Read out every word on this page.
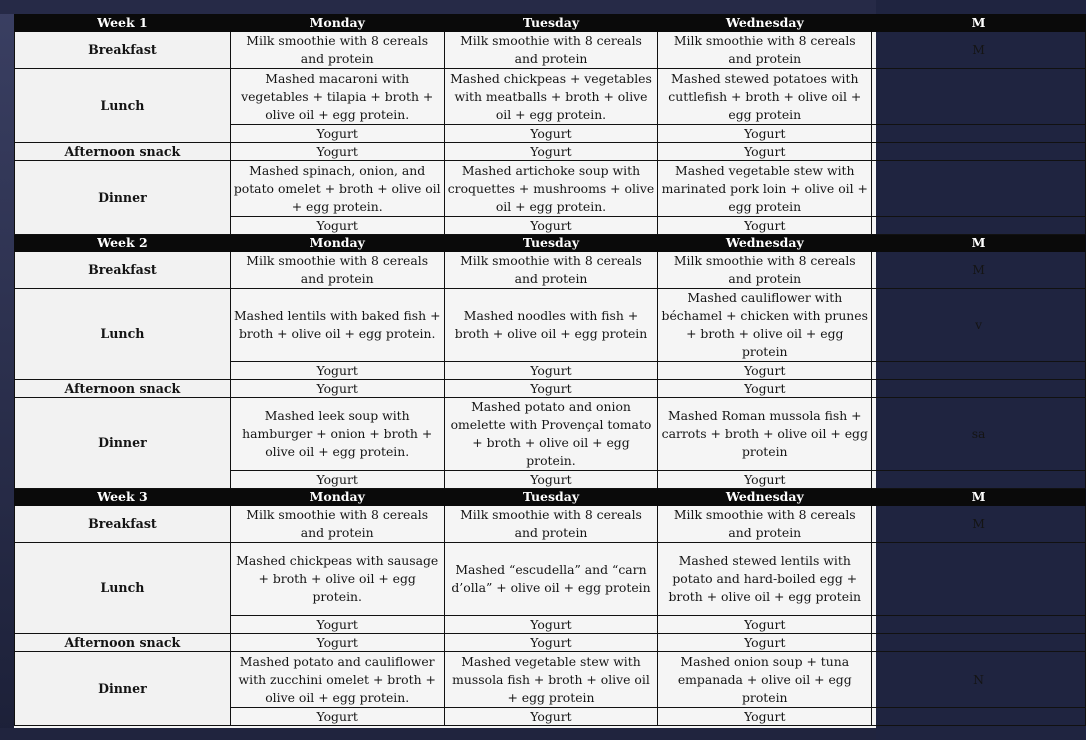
Week 1	Monday	Tuesday	Wednesday	M
Breakfast	Milk smoothie with 8 cereals and protein	Milk smoothie with 8 cereals and protein	Milk smoothie with 8 cereals and protein	M
Lunch	Mashed macaroni with vegetables + tilapia + broth + olive oil + egg protein.	Mashed chickpeas + vegetables with meatballs + broth + olive oil + egg protein.	Mashed stewed potatoes with cuttlefish + broth + olive oil + egg protein	
	Yogurt	Yogurt	Yogurt	
Afternoon snack	Yogurt	Yogurt	Yogurt	
Dinner	Mashed spinach, onion, and potato omelet + broth + olive oil + egg protein.	Mashed artichoke soup with croquettes + mushrooms + olive oil + egg protein.	Mashed vegetable stew with marinated pork loin + olive oil + egg protein	
	Yogurt	Yogurt	Yogurt	
Week 2	Monday	Tuesday	Wednesday	M
Breakfast	Milk smoothie with 8 cereals and protein	Milk smoothie with 8 cereals and protein	Milk smoothie with 8 cereals and protein	M
Lunch	Mashed lentils with baked fish + broth + olive oil + egg protein.	Mashed noodles with fish + broth + olive oil + egg protein	Mashed cauliflower with béchamel + chicken with prunes + broth + olive oil + egg protein	v
	Yogurt	Yogurt	Yogurt	
Afternoon snack	Yogurt	Yogurt	Yogurt	
Dinner	Mashed leek soup with hamburger + onion + broth + olive oil + egg protein.	Mashed potato and onion omelette with Provençal tomato + broth + olive oil + egg protein.	Mashed Roman mussola fish + carrots + broth + olive oil + egg protein	sa
	Yogurt	Yogurt	Yogurt	
Week 3	Monday	Tuesday	Wednesday	M
Breakfast	Milk smoothie with 8 cereals and protein	Milk smoothie with 8 cereals and protein	Milk smoothie with 8 cereals and protein	M
Lunch	Mashed chickpeas with sausage + broth + olive oil + egg protein.	Mashed “escudella” and “carn d’olla” + olive oil + egg protein	Mashed stewed lentils with potato and hard-boiled egg + broth + olive oil + egg protein	
	Yogurt	Yogurt	Yogurt	
Afternoon snack	Yogurt	Yogurt	Yogurt	
Dinner	Mashed potato and cauliflower with zucchini omelet + broth + olive oil + egg protein.	Mashed vegetable stew with mussola fish + broth + olive oil + egg protein	Mashed onion soup + tuna empanada + olive oil + egg protein	N
	Yogurt	Yogurt	Yogurt	
